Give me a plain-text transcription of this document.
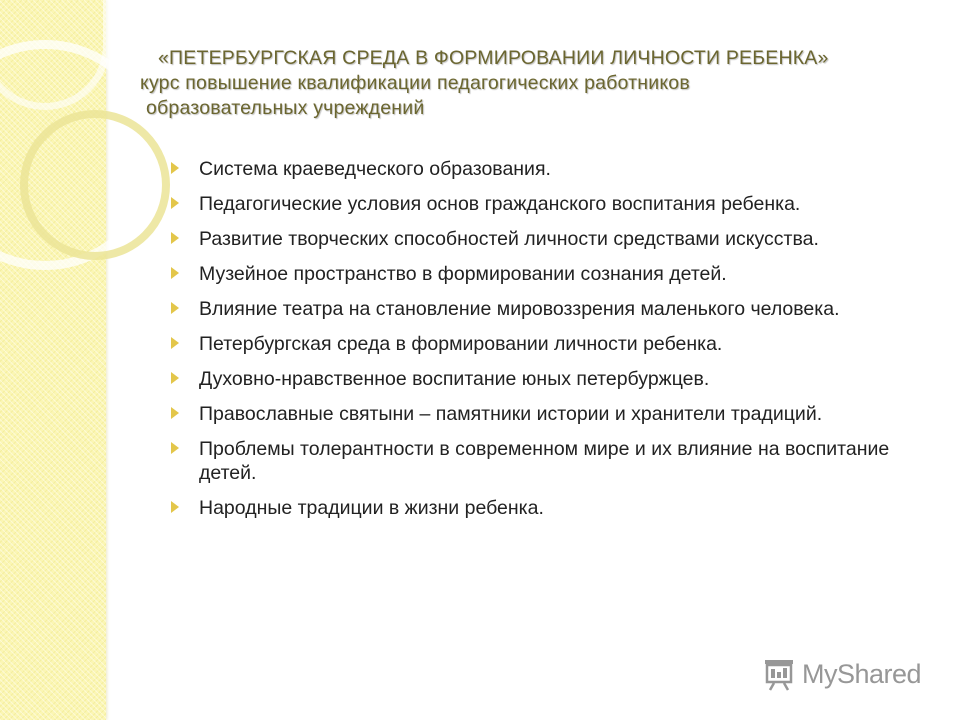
«ПЕТЕРБУРГСКАЯ СРЕДА В ФОРМИРОВАНИИ ЛИЧНОСТИ РЕБЕНКА»
курс повышение квалификации педагогических работников
образовательных учреждений
Система краеведческого образования.
Педагогические условия основ гражданского воспитания ребенка.
Развитие творческих способностей личности средствами искусства.
Музейное пространство в формировании сознания детей.
Влияние театра на становление мировоззрения маленького человека.
Петербургская среда в формировании личности ребенка.
Духовно-нравственное воспитание юных петербуржцев.
Православные святыни – памятники истории и хранители традиций.
Проблемы толерантности в современном мире и их влияние на воспитание детей.
Народные традиции в жизни ребенка.
MyShared
